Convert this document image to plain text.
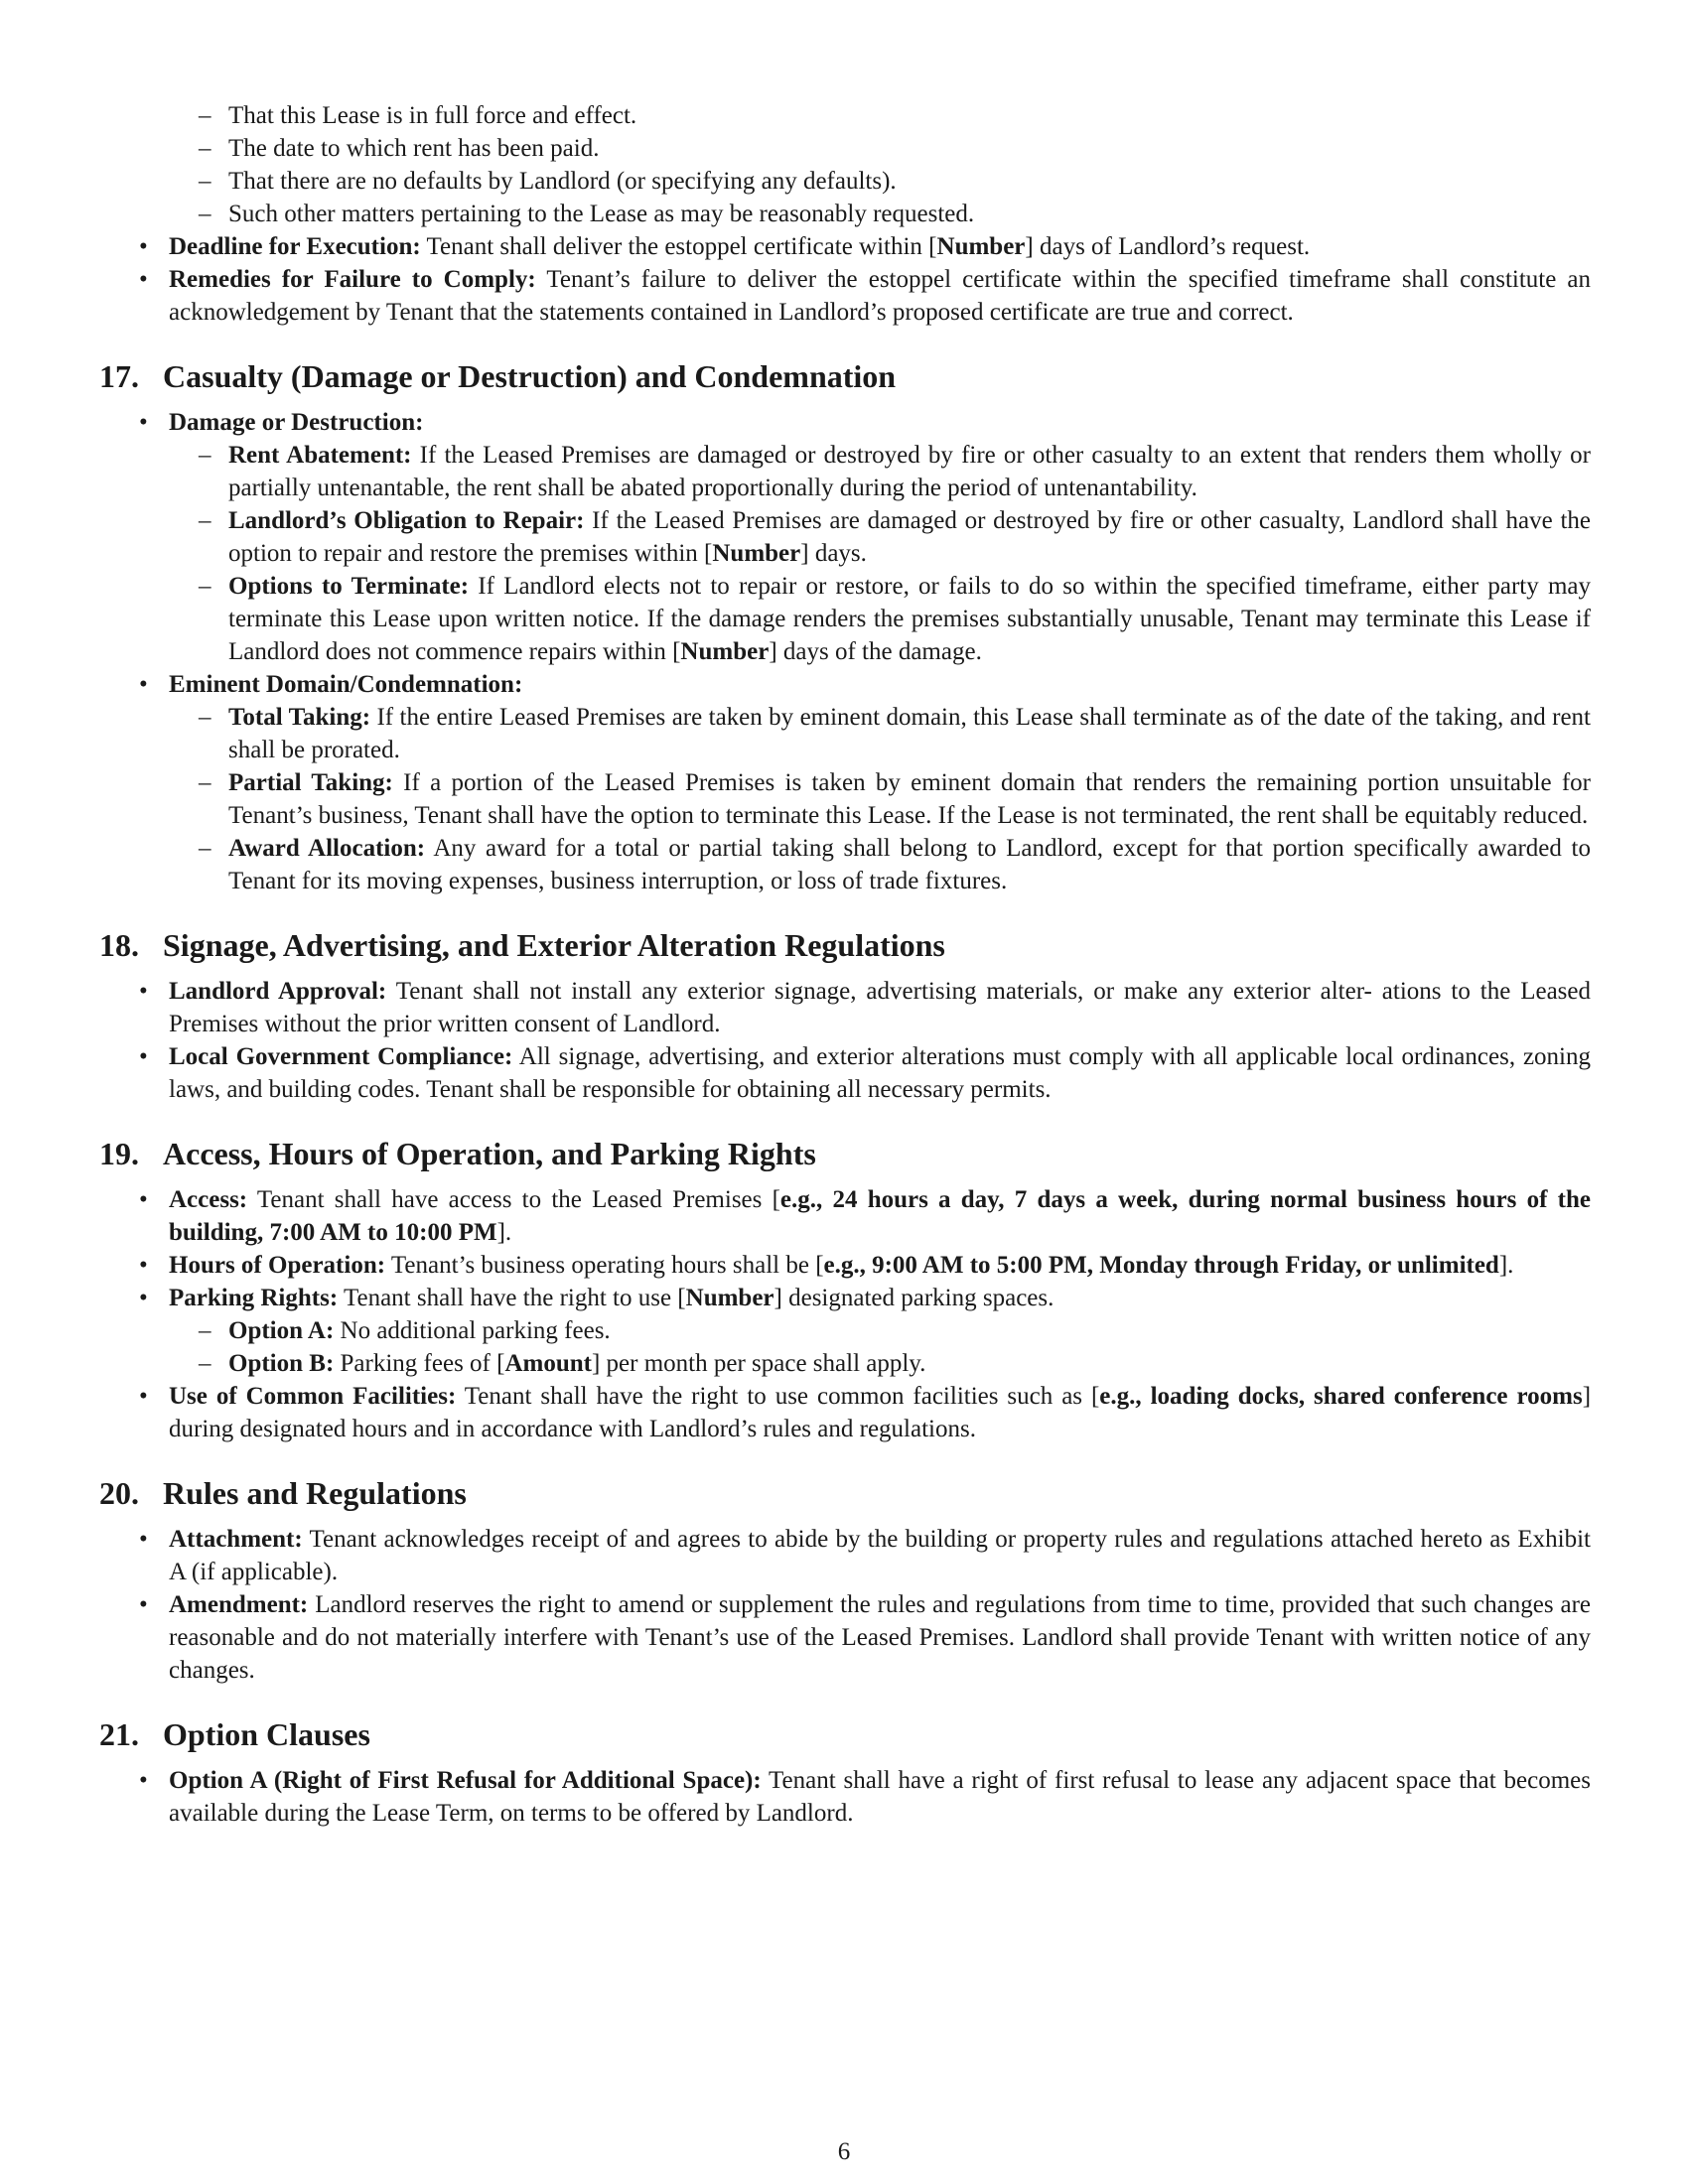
– That this Lease is in full force and effect.
– The date to which rent has been paid.
– That there are no defaults by Landlord (or specifying any defaults).
– Such other matters pertaining to the Lease as may be reasonably requested.
• Deadline for Execution: Tenant shall deliver the estoppel certificate within [Number] days of Landlord’s request.
• Remedies for Failure to Comply: Tenant’s failure to deliver the estoppel certificate within the specified timeframe shall constitute an acknowledgement by Tenant that the statements contained in Landlord’s proposed certificate are true and correct.
17. Casualty (Damage or Destruction) and Condemnation
• Damage or Destruction:
– Rent Abatement: If the Leased Premises are damaged or destroyed by fire or other casualty to an extent that renders them wholly or partially untenantable, the rent shall be abated proportionally during the period of untenantability.
– Landlord’s Obligation to Repair: If the Leased Premises are damaged or destroyed by fire or other casualty, Landlord shall have the option to repair and restore the premises within [Number] days.
– Options to Terminate: If Landlord elects not to repair or restore, or fails to do so within the specified timeframe, either party may terminate this Lease upon written notice. If the damage renders the premises substantially unusable, Tenant may terminate this Lease if Landlord does not commence repairs within [Number] days of the damage.
• Eminent Domain/Condemnation:
– Total Taking: If the entire Leased Premises are taken by eminent domain, this Lease shall terminate as of the date of the taking, and rent shall be prorated.
– Partial Taking: If a portion of the Leased Premises is taken by eminent domain that renders the remaining portion unsuitable for Tenant’s business, Tenant shall have the option to terminate this Lease. If the Lease is not terminated, the rent shall be equitably reduced.
– Award Allocation: Any award for a total or partial taking shall belong to Landlord, except for that portion specifically awarded to Tenant for its moving expenses, business interruption, or loss of trade fixtures.
18. Signage, Advertising, and Exterior Alteration Regulations
• Landlord Approval: Tenant shall not install any exterior signage, advertising materials, or make any exterior alter- ations to the Leased Premises without the prior written consent of Landlord.
• Local Government Compliance: All signage, advertising, and exterior alterations must comply with all applicable local ordinances, zoning laws, and building codes. Tenant shall be responsible for obtaining all necessary permits.
19. Access, Hours of Operation, and Parking Rights
• Access: Tenant shall have access to the Leased Premises [e.g., 24 hours a day, 7 days a week, during normal business hours of the building, 7:00 AM to 10:00 PM].
• Hours of Operation: Tenant’s business operating hours shall be [e.g., 9:00 AM to 5:00 PM, Monday through Friday, or unlimited].
• Parking Rights: Tenant shall have the right to use [Number] designated parking spaces.
– Option A: No additional parking fees.
– Option B: Parking fees of [Amount] per month per space shall apply.
• Use of Common Facilities: Tenant shall have the right to use common facilities such as [e.g., loading docks, shared conference rooms] during designated hours and in accordance with Landlord’s rules and regulations.
20. Rules and Regulations
• Attachment: Tenant acknowledges receipt of and agrees to abide by the building or property rules and regulations attached hereto as Exhibit A (if applicable).
• Amendment: Landlord reserves the right to amend or supplement the rules and regulations from time to time, provided that such changes are reasonable and do not materially interfere with Tenant’s use of the Leased Premises. Landlord shall provide Tenant with written notice of any changes.
21. Option Clauses
• Option A (Right of First Refusal for Additional Space): Tenant shall have a right of first refusal to lease any adjacent space that becomes available during the Lease Term, on terms to be offered by Landlord.
6
